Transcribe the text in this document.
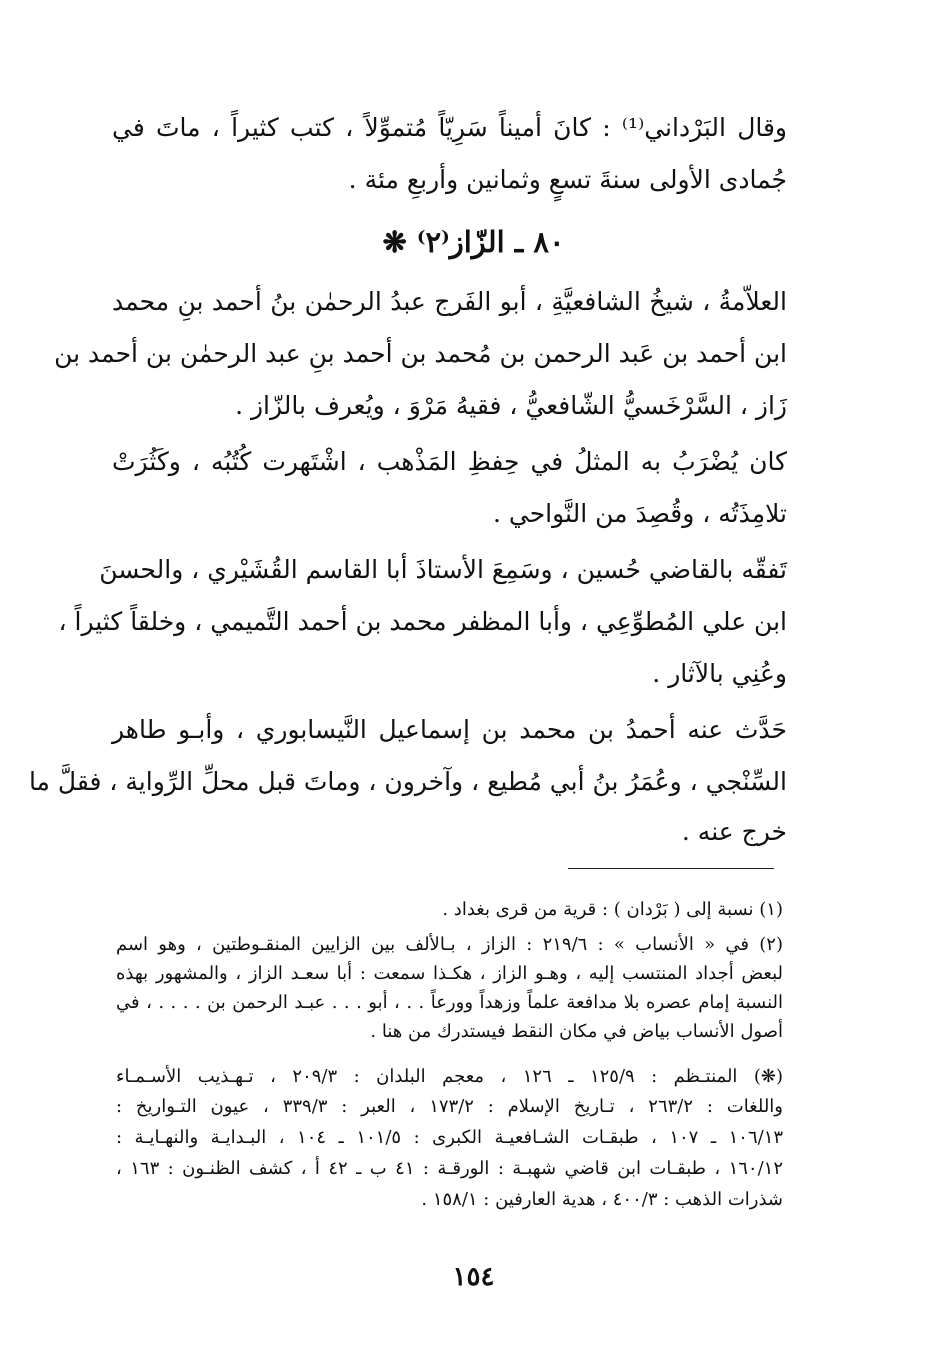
وقال البَرْداني⁽¹⁾ : كانَ أميناً سَرِيّاً مُتموِّلاً ، كتب كثيراً ، ماتَ في
جُمادى الأولى سنةَ تسعٍ وثمانين وأربعِ مئة .
٨٠ ـ الزّاز⁽٢⁾ ❋
العلاّمةُ ، شيخُ الشافعيَّةِ ، أبو الفَرج عبدُ الرحمٰن بنُ أحمد بنِ محمد
ابن أحمد بن عَبد الرحمن بن مُحمد بن أحمد بنِ عبد الرحمٰن بن أحمد بن
زَاز ، السَّرْخَسيُّ الشّافعيُّ ، فقيهُ مَرْوَ ، ويُعرف بالزّاز .
كان يُضْرَبُ به المثلُ في حِفظِ المَذْهب ، اشْتَهرت كُتُبُه ، وكَثُرَتْ
تلامِذَتُه ، وقُصِدَ من النَّواحي .
تَفقّه بالقاضي حُسين ، وسَمِعَ الأستاذَ أبا القاسم القُشَيْري ، والحسنَ
ابن علي المُطوِّعِي ، وأبا المظفر محمد بن أحمد التَّميمي ، وخلقاً كثيراً ،
وعُنِي بالآثار .
حَدَّث عنه أحمدُ بن محمد بن إسماعيل النَّيسابوري ، وأبـو طاهر
السِّنْجي ، وعُمَرُ بنُ أبي مُطيع ، وآخرون ، وماتَ قبل محلِّ الرِّواية ، فقلَّ ما
خرج عنه .
(١) نسبة إلى ( بَرْدان ) : قرية من قرى بغداد .
(٢) في « الأنساب » : ٢١٩/٦ : الزاز ، بـالألف بين الزايين المنقـوطتين ، وهو اسم
لبعض أجداد المنتسب إليه ، وهـو الزاز ، هكـذا سمعت : أبا سعـد الزاز ، والمشهور بهذه
النسبة إمام عصره بلا مدافعة علماً وزهداً وورعاً . . ، أبو . . . عبـد الرحمن بن . . . . ، في
أصول الأنساب بياض في مكان النقط فيستدرك من هنا .
(❋) المنتـظم : ١٢٥/٩ ـ ١٢٦ ، معجم البلدان : ٢٠٩/٣ ، تـهـذيب الأسـمـاء
واللغات : ٢٦٣/٢ ، تـاريخ الإسلام : ١٧٣/٢ ، العبر : ٣٣٩/٣ ، عيون التـواريخ :
١٠٦/١٣ ـ ١٠٧ ، طبقـات الشـافعيـة الكبرى : ١٠١/٥ ـ ١٠٤ ، البـدايـة والنهـايـة :
١٦٠/١٢ ، طبقـات ابن قاضي شهبـة : الورقـة : ٤١ ب ـ ٤٢ أ ، كشف الظنـون : ١٦٣ ،
شذرات الذهب : ٤٠٠/٣ ، هدية العارفين : ١٥٨/١ .
١٥٤
